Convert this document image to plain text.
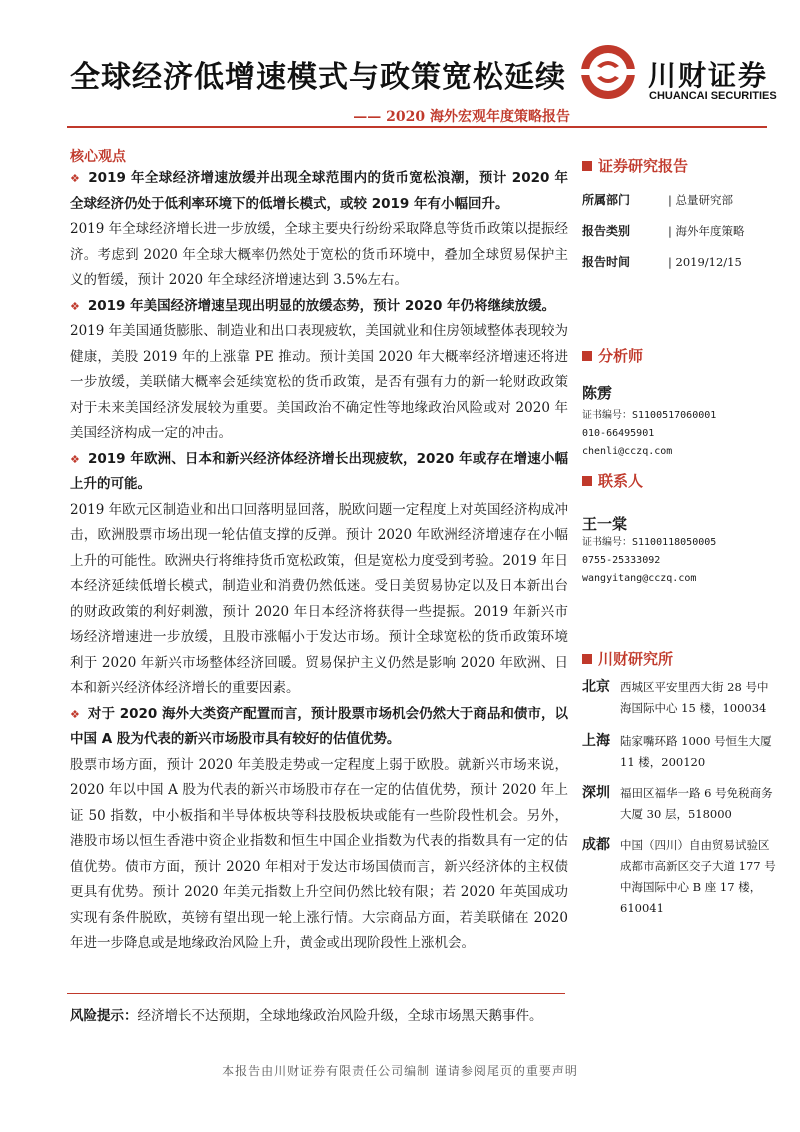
全球经济低增速模式与政策宽松延续	川财证券
CHUANCAI SECURITIES
—— 2020 海外宏观年度策略报告
核心观点

❖ 2019 年全球经济增速放缓并出现全球范围内的货币宽松浪潮，预计 2020 年全球经济仍处于低利率环境下的低增长模式，或较 2019 年有小幅回升。

2019 年全球经济增长进一步放缓，全球主要央行纷纷采取降息等货币政策以提振经济。考虑到 2020 年全球大概率仍然处于宽松的货币环境中，叠加全球贸易保护主义的暂缓，预计 2020 年全球经济增速达到 3.5%左右。

❖ 2019 年美国经济增速呈现出明显的放缓态势，预计 2020 年仍将继续放缓。

2019 年美国通货膨胀、制造业和出口表现疲软，美国就业和住房领域整体表现较为健康，美股 2019 年的上涨靠 PE 推动。预计美国 2020 年大概率经济增速还将进一步放缓，美联储大概率会延续宽松的货币政策，是否有强有力的新一轮财政政策对于未来美国经济发展较为重要。美国政治不确定性等地缘政治风险或对 2020 年美国经济构成一定的冲击。

❖ 2019 年欧洲、日本和新兴经济体经济增长出现疲软，2020 年或存在增速小幅上升的可能。

2019 年欧元区制造业和出口回落明显回落，脱欧问题一定程度上对英国经济构成冲击，欧洲股票市场出现一轮估值支撑的反弹。预计 2020 年欧洲经济增速存在小幅上升的可能性。欧洲央行将维持货币宽松政策，但是宽松力度受到考验。2019 年日本经济延续低增长模式，制造业和消费仍然低迷。受日美贸易协定以及日本新出台的财政政策的利好刺激，预计 2020 年日本经济将获得一些提振。2019 年新兴市场经济增速进一步放缓，且股市涨幅小于发达市场。预计全球宽松的货币政策环境利于 2020 年新兴市场整体经济回暖。贸易保护主义仍然是影响 2020 年欧洲、日本和新兴经济体经济增长的重要因素。

❖ 对于 2020 海外大类资产配置而言，预计股票市场机会仍然大于商品和债市，以中国 A 股为代表的新兴市场股市具有较好的估值优势。

股票市场方面，预计 2020 年美股走势或一定程度上弱于欧股。就新兴市场来说，2020 年以中国 A 股为代表的新兴市场股市存在一定的估值优势，预计 2020 年上证 50 指数，中小板指和半导体板块等科技股板块或能有一些阶段性机会。另外，港股市场以恒生香港中资企业指数和恒生中国企业指数为代表的指数具有一定的估值优势。债市方面，预计 2020 年相对于发达市场国债而言，新兴经济体的主权债更具有优势。预计 2020 年美元指数上升空间仍然比较有限；若 2020 年英国成功实现有条件脱欧，英镑有望出现一轮上涨行情。大宗商品方面，若美联储在 2020 年进一步降息或是地缘政治风险上升，黄金或出现阶段性上涨机会。

风险提示：经济增长不达预期，全球地缘政治风险升级，全球市场黑天鹅事件。
本报告由川财证券有限责任公司编制 谨请参阅尾页的重要声明
证券研究报告
所属部门	| 总量研究部
报告类别	| 海外年度策略
报告时间	| 2019/12/15
分析师
陈雳
证书编号：S1100517060001
010-66495901
chenli@cczq.com
联系人
王一棠
证书编号：S1100118050005
0755-25333092
wangyitang@cczq.com
川财研究所
北京 西城区平安里西大街 28 号中海国际中心 15 楼，100034
上海 陆家嘴环路 1000 号恒生大厦 11 楼，200120
深圳 福田区福华一路 6 号免税商务大厦 30 层，518000
成都 中国（四川）自由贸易试验区成都市高新区交子大道 177 号中海国际中心 B 座 17 楼，610041
